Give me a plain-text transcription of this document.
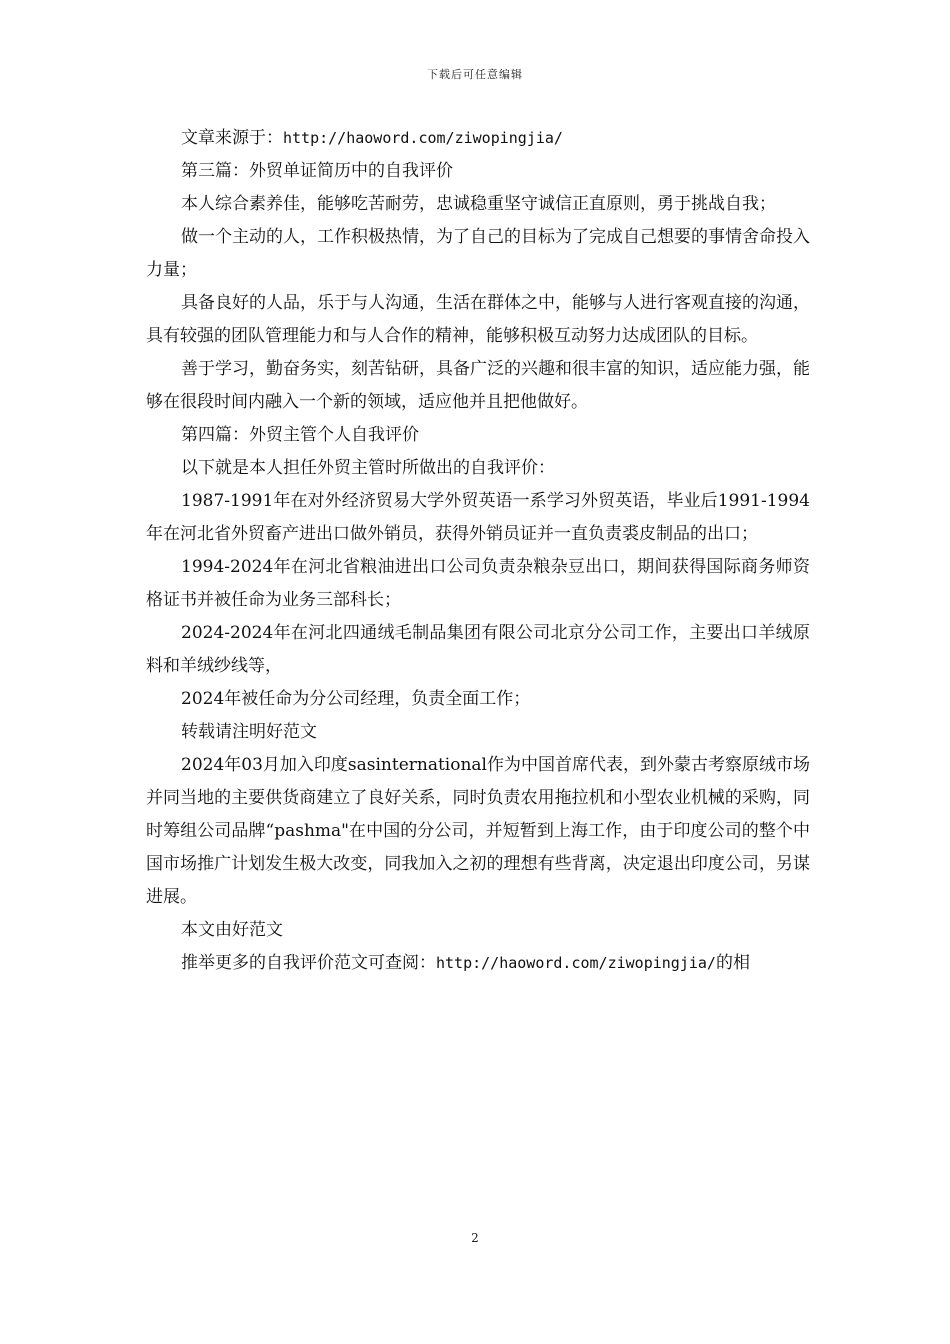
下载后可任意编辑

文章来源于：http://haoword.com/ziwopingjia/

第三篇：外贸单证简历中的自我评价

本人综合素养佳，能够吃苦耐劳，忠诚稳重坚守诚信正直原则，勇于挑战自我；

做一个主动的人，工作积极热情，为了自己的目标为了完成自己想要的事情舍命投入力量；

具备良好的人品，乐于与人沟通，生活在群体之中，能够与人进行客观直接的沟通，具有较强的团队管理能力和与人合作的精神，能够积极互动努力达成团队的目标。

善于学习，勤奋务实，刻苦钻研，具备广泛的兴趣和很丰富的知识，适应能力强，能够在很段时间内融入一个新的领域，适应他并且把他做好。

第四篇：外贸主管个人自我评价

以下就是本人担任外贸主管时所做出的自我评价：

1987-1991年在对外经济贸易大学外贸英语一系学习外贸英语，毕业后1991-1994年在河北省外贸畜产进出口做外销员，获得外销员证并一直负责裘皮制品的出口；

1994-2024年在河北省粮油进出口公司负责杂粮杂豆出口，期间获得国际商务师资格证书并被任命为业务三部科长；

2024-2024年在河北四通绒毛制品集团有限公司北京分公司工作，主要出口羊绒原料和羊绒纱线等，

2024年被任命为分公司经理，负责全面工作；

转载请注明好范文

2024年03月加入印度sasinternational作为中国首席代表，到外蒙古考察原绒市场并同当地的主要供货商建立了良好关系，同时负责农用拖拉机和小型农业机械的采购，同时筹组公司品牌“pashma"在中国的分公司，并短暂到上海工作，由于印度公司的整个中国市场推广计划发生极大改变，同我加入之初的理想有些背离，决定退出印度公司，另谋进展。

本文由好范文

推举更多的自我评价范文可查阅：http://haoword.com/ziwopingjia/的相

2
